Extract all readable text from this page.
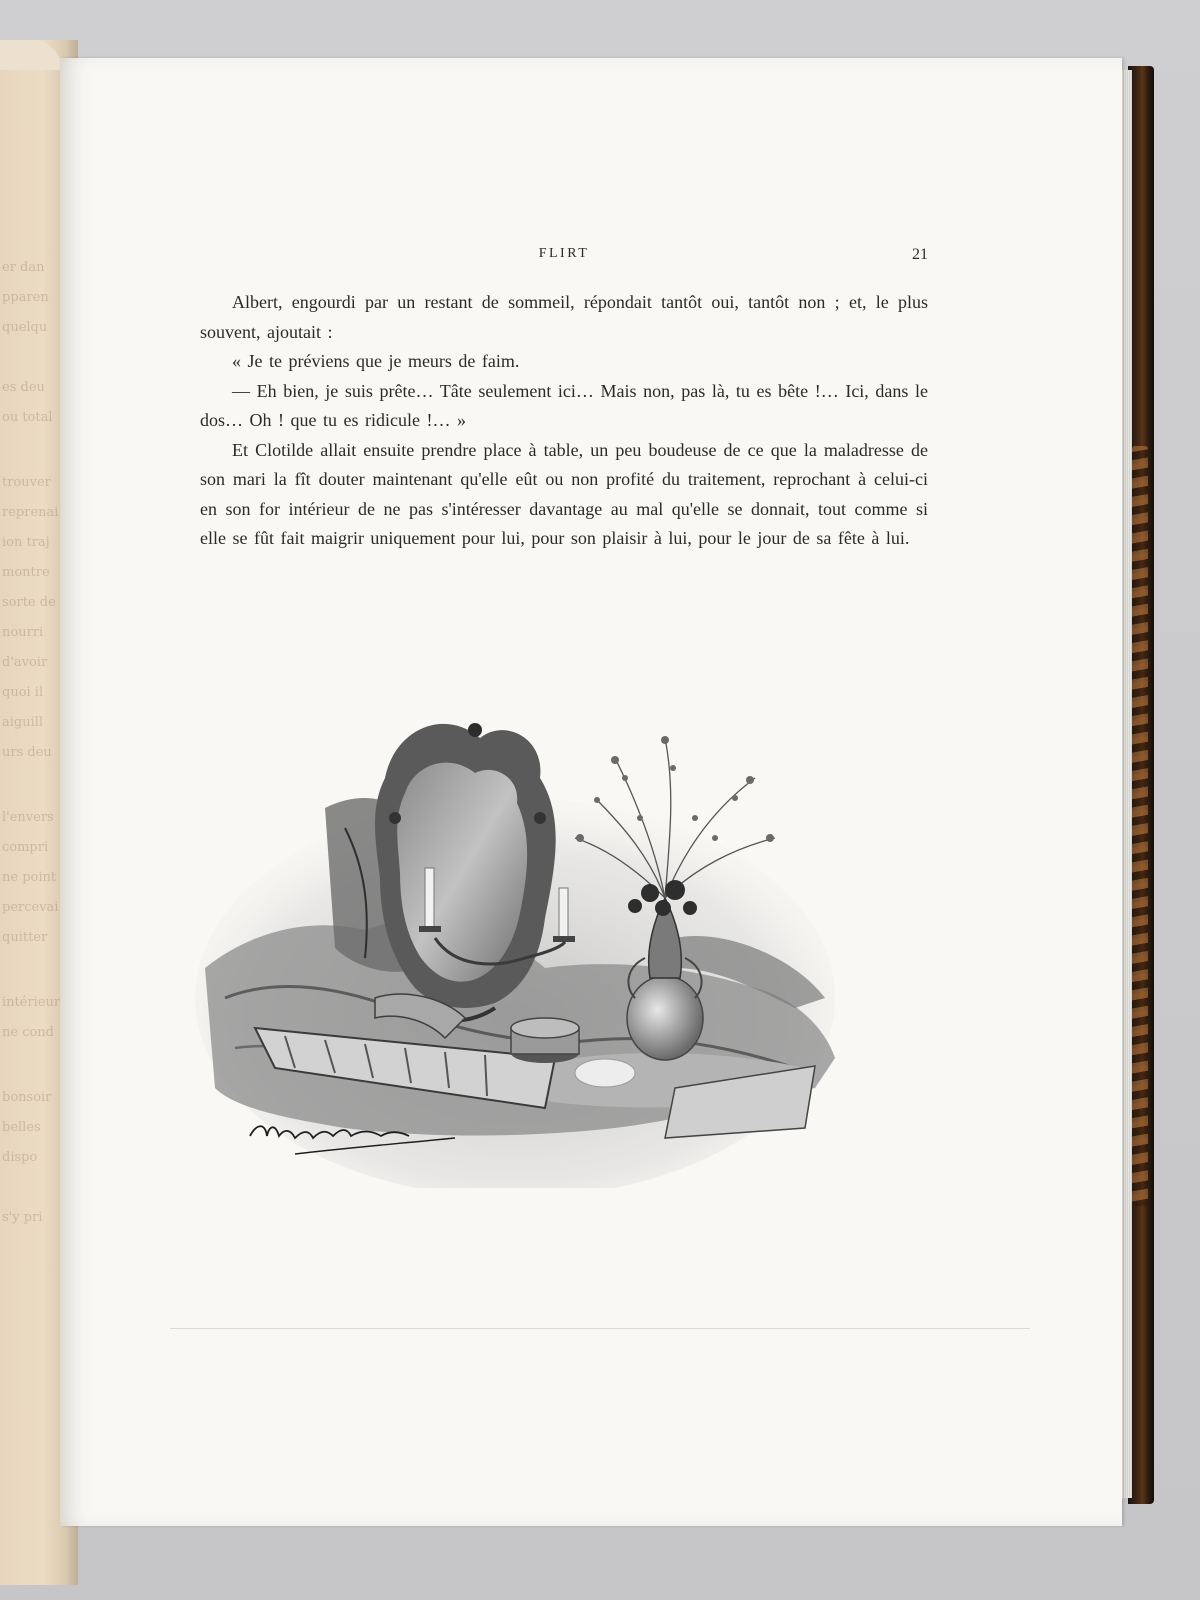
er dan
pparen
quelqu
es deu
ou total
trouver
reprenai
ion traj
montre
sorte de
nourri
d'avoir
quoi il
aiguill
urs deu
l'envers
compri
ne point
percevai
quitter
intérieur
ne cond
bonsoir
belles
dispo
s'y pri
FLIRT	21

Albert, engourdi par un restant de sommeil, répondait tantôt oui, tantôt non ; et, le plus souvent, ajoutait :

« Je te préviens que je meurs de faim.

— Eh bien, je suis prête… Tâte seulement ici… Mais non, pas là, tu es bête !… Ici, dans le dos… Oh ! que tu es ridicule !… »

Et Clotilde allait ensuite prendre place à table, un peu boudeuse de ce que la maladresse de son mari la fît douter maintenant qu'elle eût ou non profité du traitement, reprochant à celui-ci en son for intérieur de ne pas s'intéresser davantage au mal qu'elle se donnait, tout comme si elle se fût fait maigrir uniquement pour lui, pour son plaisir à lui, pour le jour de sa fête à lui.
